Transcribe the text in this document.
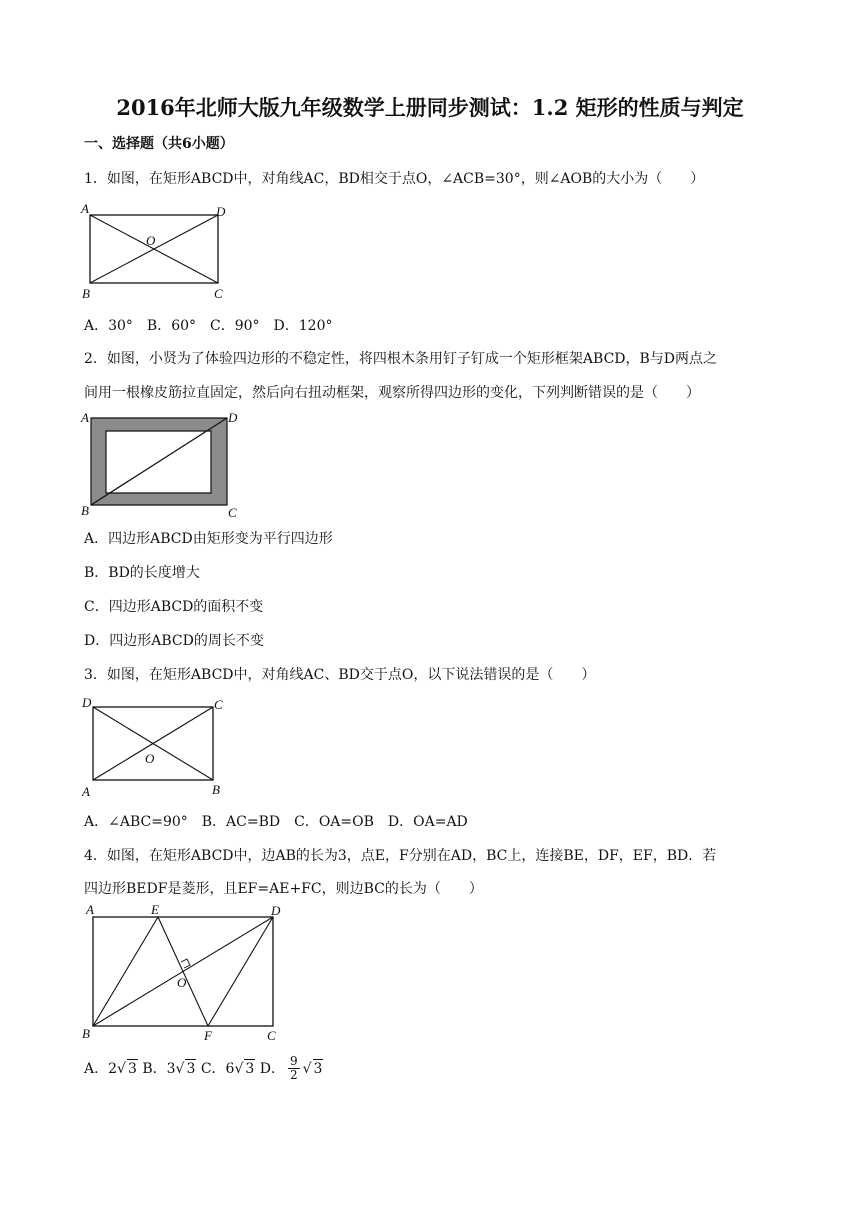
2016年北师大版九年级数学上册同步测试：1.2 矩形的性质与判定
一、选择题（共6小题）
1．如图，在矩形ABCD中，对角线AC，BD相交于点O，∠ACB=30°，则∠AOB的大小为（　　）
A	D
B	C
O
A．30°　B．60°　C．90°　D．120°
2．如图，小贤为了体验四边形的不稳定性，将四根木条用钉子钉成一个矩形框架ABCD，B与D两点之
间用一根橡皮筋拉直固定，然后向右扭动框架，观察所得四边形的变化，下列判断错误的是（　　）
A	D
B	C
A．四边形ABCD由矩形变为平行四边形
B．BD的长度增大
C．四边形ABCD的面积不变
D．四边形ABCD的周长不变
3．如图，在矩形ABCD中，对角线AC、BD交于点O，以下说法错误的是（　　）
D	C
A	B
O
A．∠ABC=90°　B．AC=BD　C．OA=OB　D．OA=AD
4．如图，在矩形ABCD中，边AB的长为3，点E，F分别在AD，BC上，连接BE，DF，EF，BD．若
四边形BEDF是菱形，且EF=AE+FC，则边BC的长为（　　）
A	E	D
B	F	C
O
A．2√ 3 B．3√ 3 C．6√ 3 D． $\frac{9}{2}$ √ 3
